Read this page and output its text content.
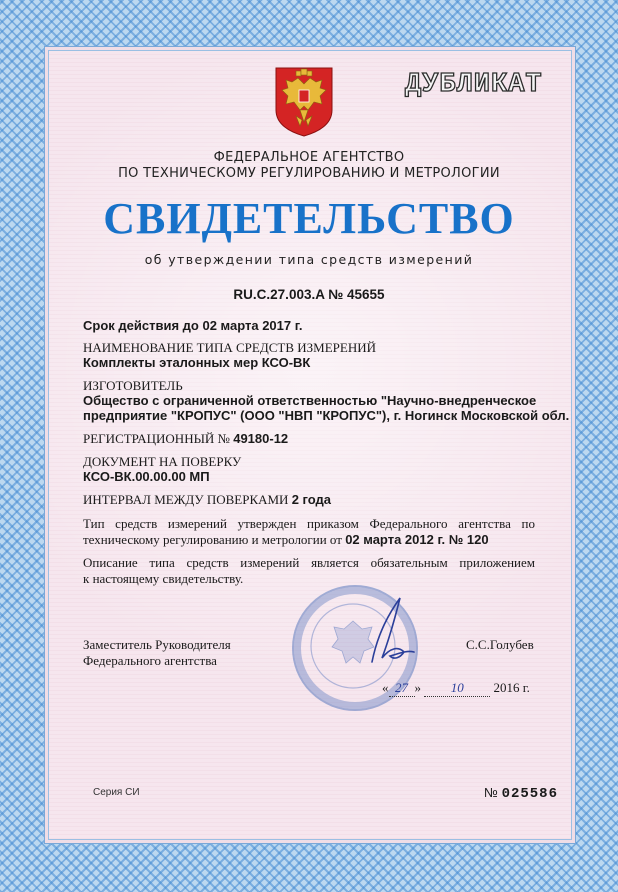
ДУБЛИКАТ
ФЕДЕРАЛЬНОЕ АГЕНТСТВО
ПО ТЕХНИЧЕСКОМУ РЕГУЛИРОВАНИЮ И МЕТРОЛОГИИ
СВИДЕТЕЛЬСТВО
об утверждении типа средств измерений
RU.C.27.003.A № 45655
Срок действия до 02 марта 2017 г.
НАИМЕНОВАНИЕ ТИПА СРЕДСТВ ИЗМЕРЕНИЙ
Комплекты эталонных мер КСО-ВК
ИЗГОТОВИТЕЛЬ
Общество с ограниченной ответственностью "Научно-внедренческое
предприятие "КРОПУС" (ООО "НВП "КРОПУС"), г. Ногинск Московской обл.
РЕГИСТРАЦИОННЫЙ № 49180-12
ДОКУМЕНТ НА ПОВЕРКУ
КСО-ВК.00.00.00 МП
ИНТЕРВАЛ МЕЖДУ ПОВЕРКАМИ 2 года
Тип средств измерений утвержден приказом Федерального агентства по
техническому регулированию и метрологии от 02 марта 2012 г. № 120
Описание типа средств измерений является обязательным приложением
к настоящему свидетельству.
Заместитель Руководителя
Федерального агентства
С.С.Голубев
« 27 » 10 2016 г.
Серия СИ	№ 025586
